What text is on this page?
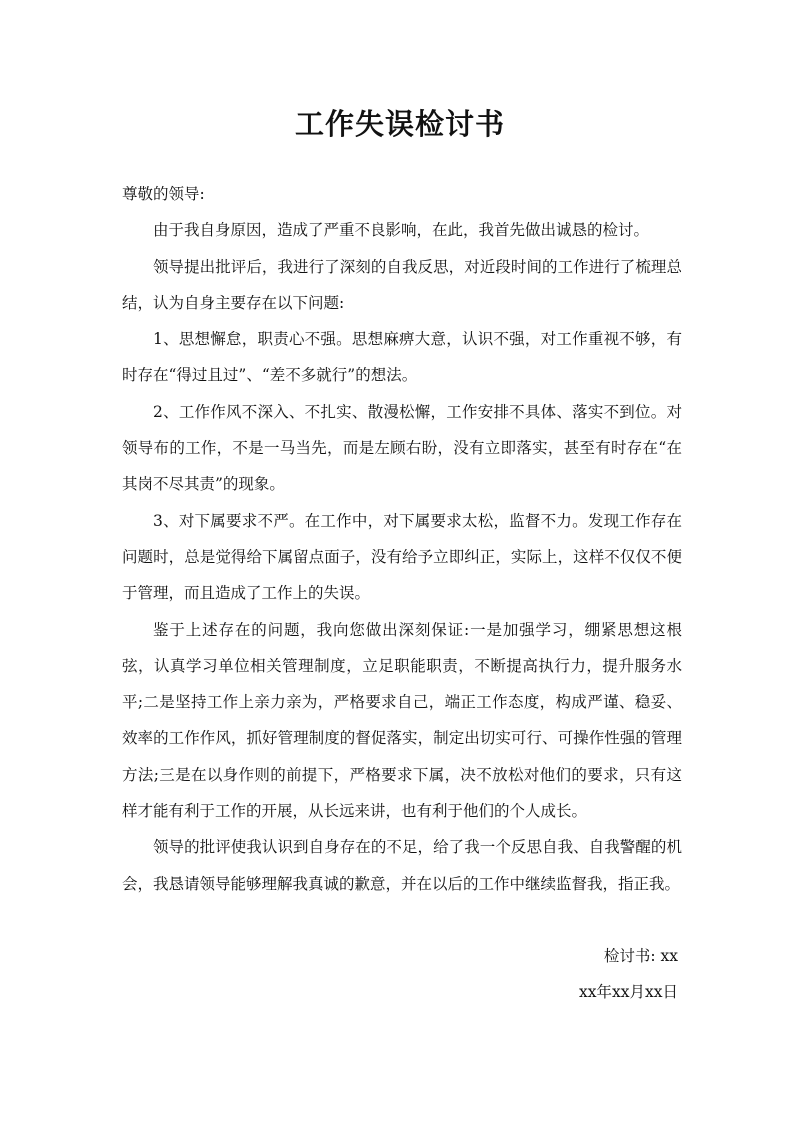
工作失误检讨书

尊敬的领导:

由于我自身原因，造成了严重不良影响，在此，我首先做出诚恳的检讨。

领导提出批评后，我进行了深刻的自我反思，对近段时间的工作进行了梳理总结，认为自身主要存在以下问题:

1、思想懈怠，职责心不强。思想麻痹大意，认识不强，对工作重视不够，有时存在“得过且过”、“差不多就行”的想法。

2、工作作风不深入、不扎实、散漫松懈，工作安排不具体、落实不到位。对领导布的工作，不是一马当先，而是左顾右盼，没有立即落实，甚至有时存在“在其岗不尽其责”的现象。

3、对下属要求不严。在工作中，对下属要求太松，监督不力。发现工作存在问题时，总是觉得给下属留点面子，没有给予立即纠正，实际上，这样不仅仅不便于管理，而且造成了工作上的失误。

鉴于上述存在的问题，我向您做出深刻保证:一是加强学习，绷紧思想这根弦，认真学习单位相关管理制度，立足职能职责，不断提高执行力，提升服务水平;二是坚持工作上亲力亲为，严格要求自己，端正工作态度，构成严谨、稳妥、效率的工作作风，抓好管理制度的督促落实，制定出切实可行、可操作性强的管理方法;三是在以身作则的前提下，严格要求下属，决不放松对他们的要求，只有这样才能有利于工作的开展，从长远来讲，也有利于他们的个人成长。

领导的批评使我认识到自身存在的不足，给了我一个反思自我、自我警醒的机会，我恳请领导能够理解我真诚的歉意，并在以后的工作中继续监督我，指正我。

检讨书: xx

xx年xx月xx日
